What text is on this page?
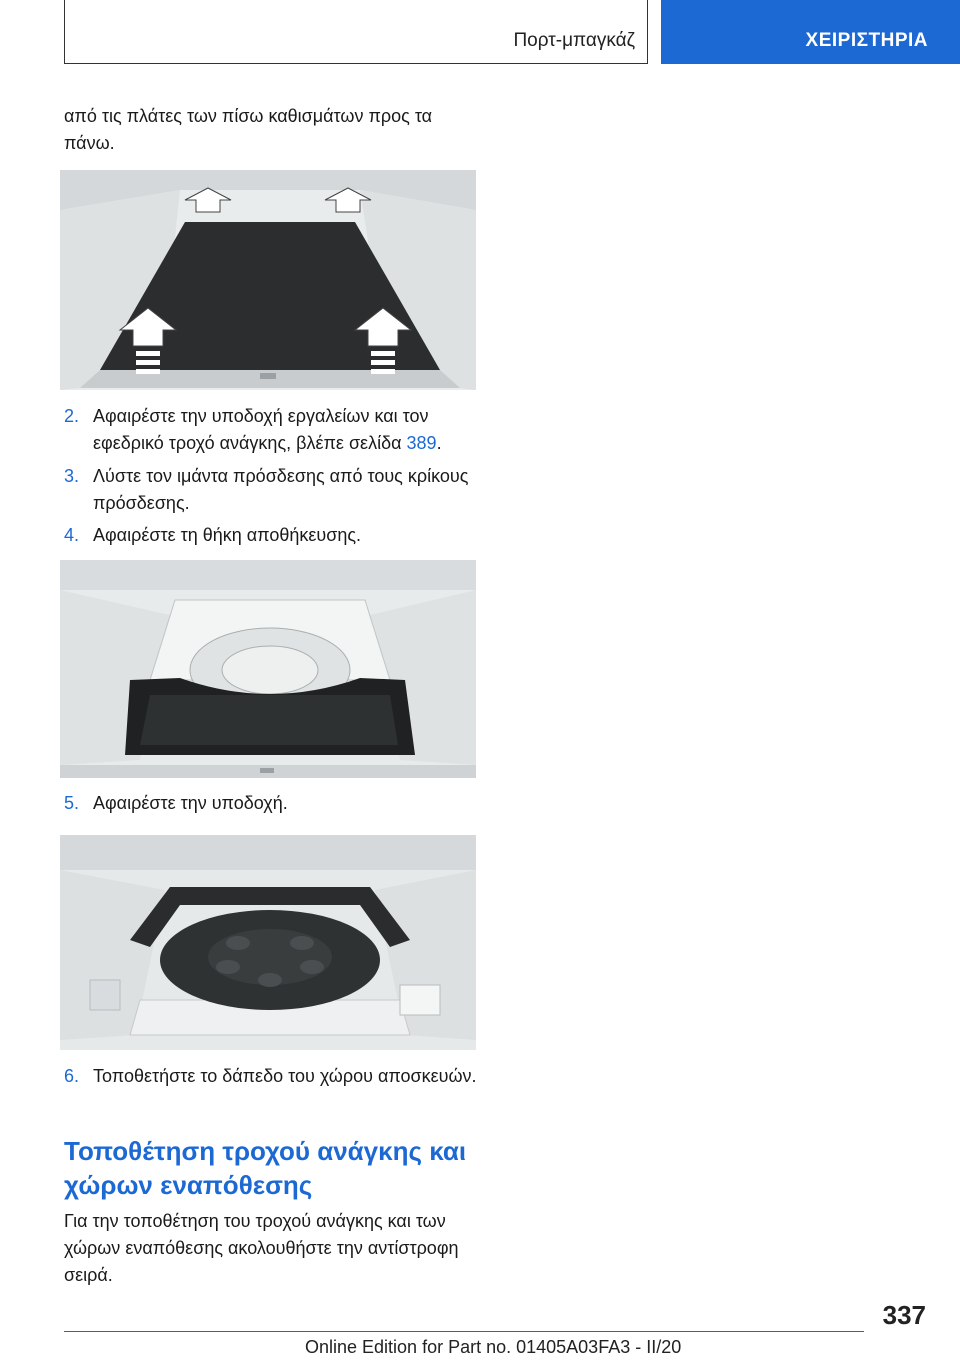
Πορτ-μπαγκάζ	ΧΕΙΡΙΣΤΗΡΙΑ
από τις πλάτες των πίσω καθισμάτων προς τα πάνω.
2. Αφαιρέστε την υποδοχή εργαλείων και τον εφεδρικό τροχό ανάγκης, βλέπε σελίδα 389.
3. Λύστε τον ιμάντα πρόσδεσης από τους κρίκους πρόσδεσης.
4. Αφαιρέστε τη θήκη αποθήκευσης.
5. Αφαιρέστε την υποδοχή.
6. Τοποθετήστε το δάπεδο του χώρου αποσκευών.
Τοποθέτηση τροχού ανάγκης και χώρων εναπόθεσης
Για την τοποθέτηση του τροχού ανάγκης και των χώρων εναπόθεσης ακολουθήστε την αντίστροφη σειρά.
337
Online Edition for Part no. 01405A03FA3 - II/20
